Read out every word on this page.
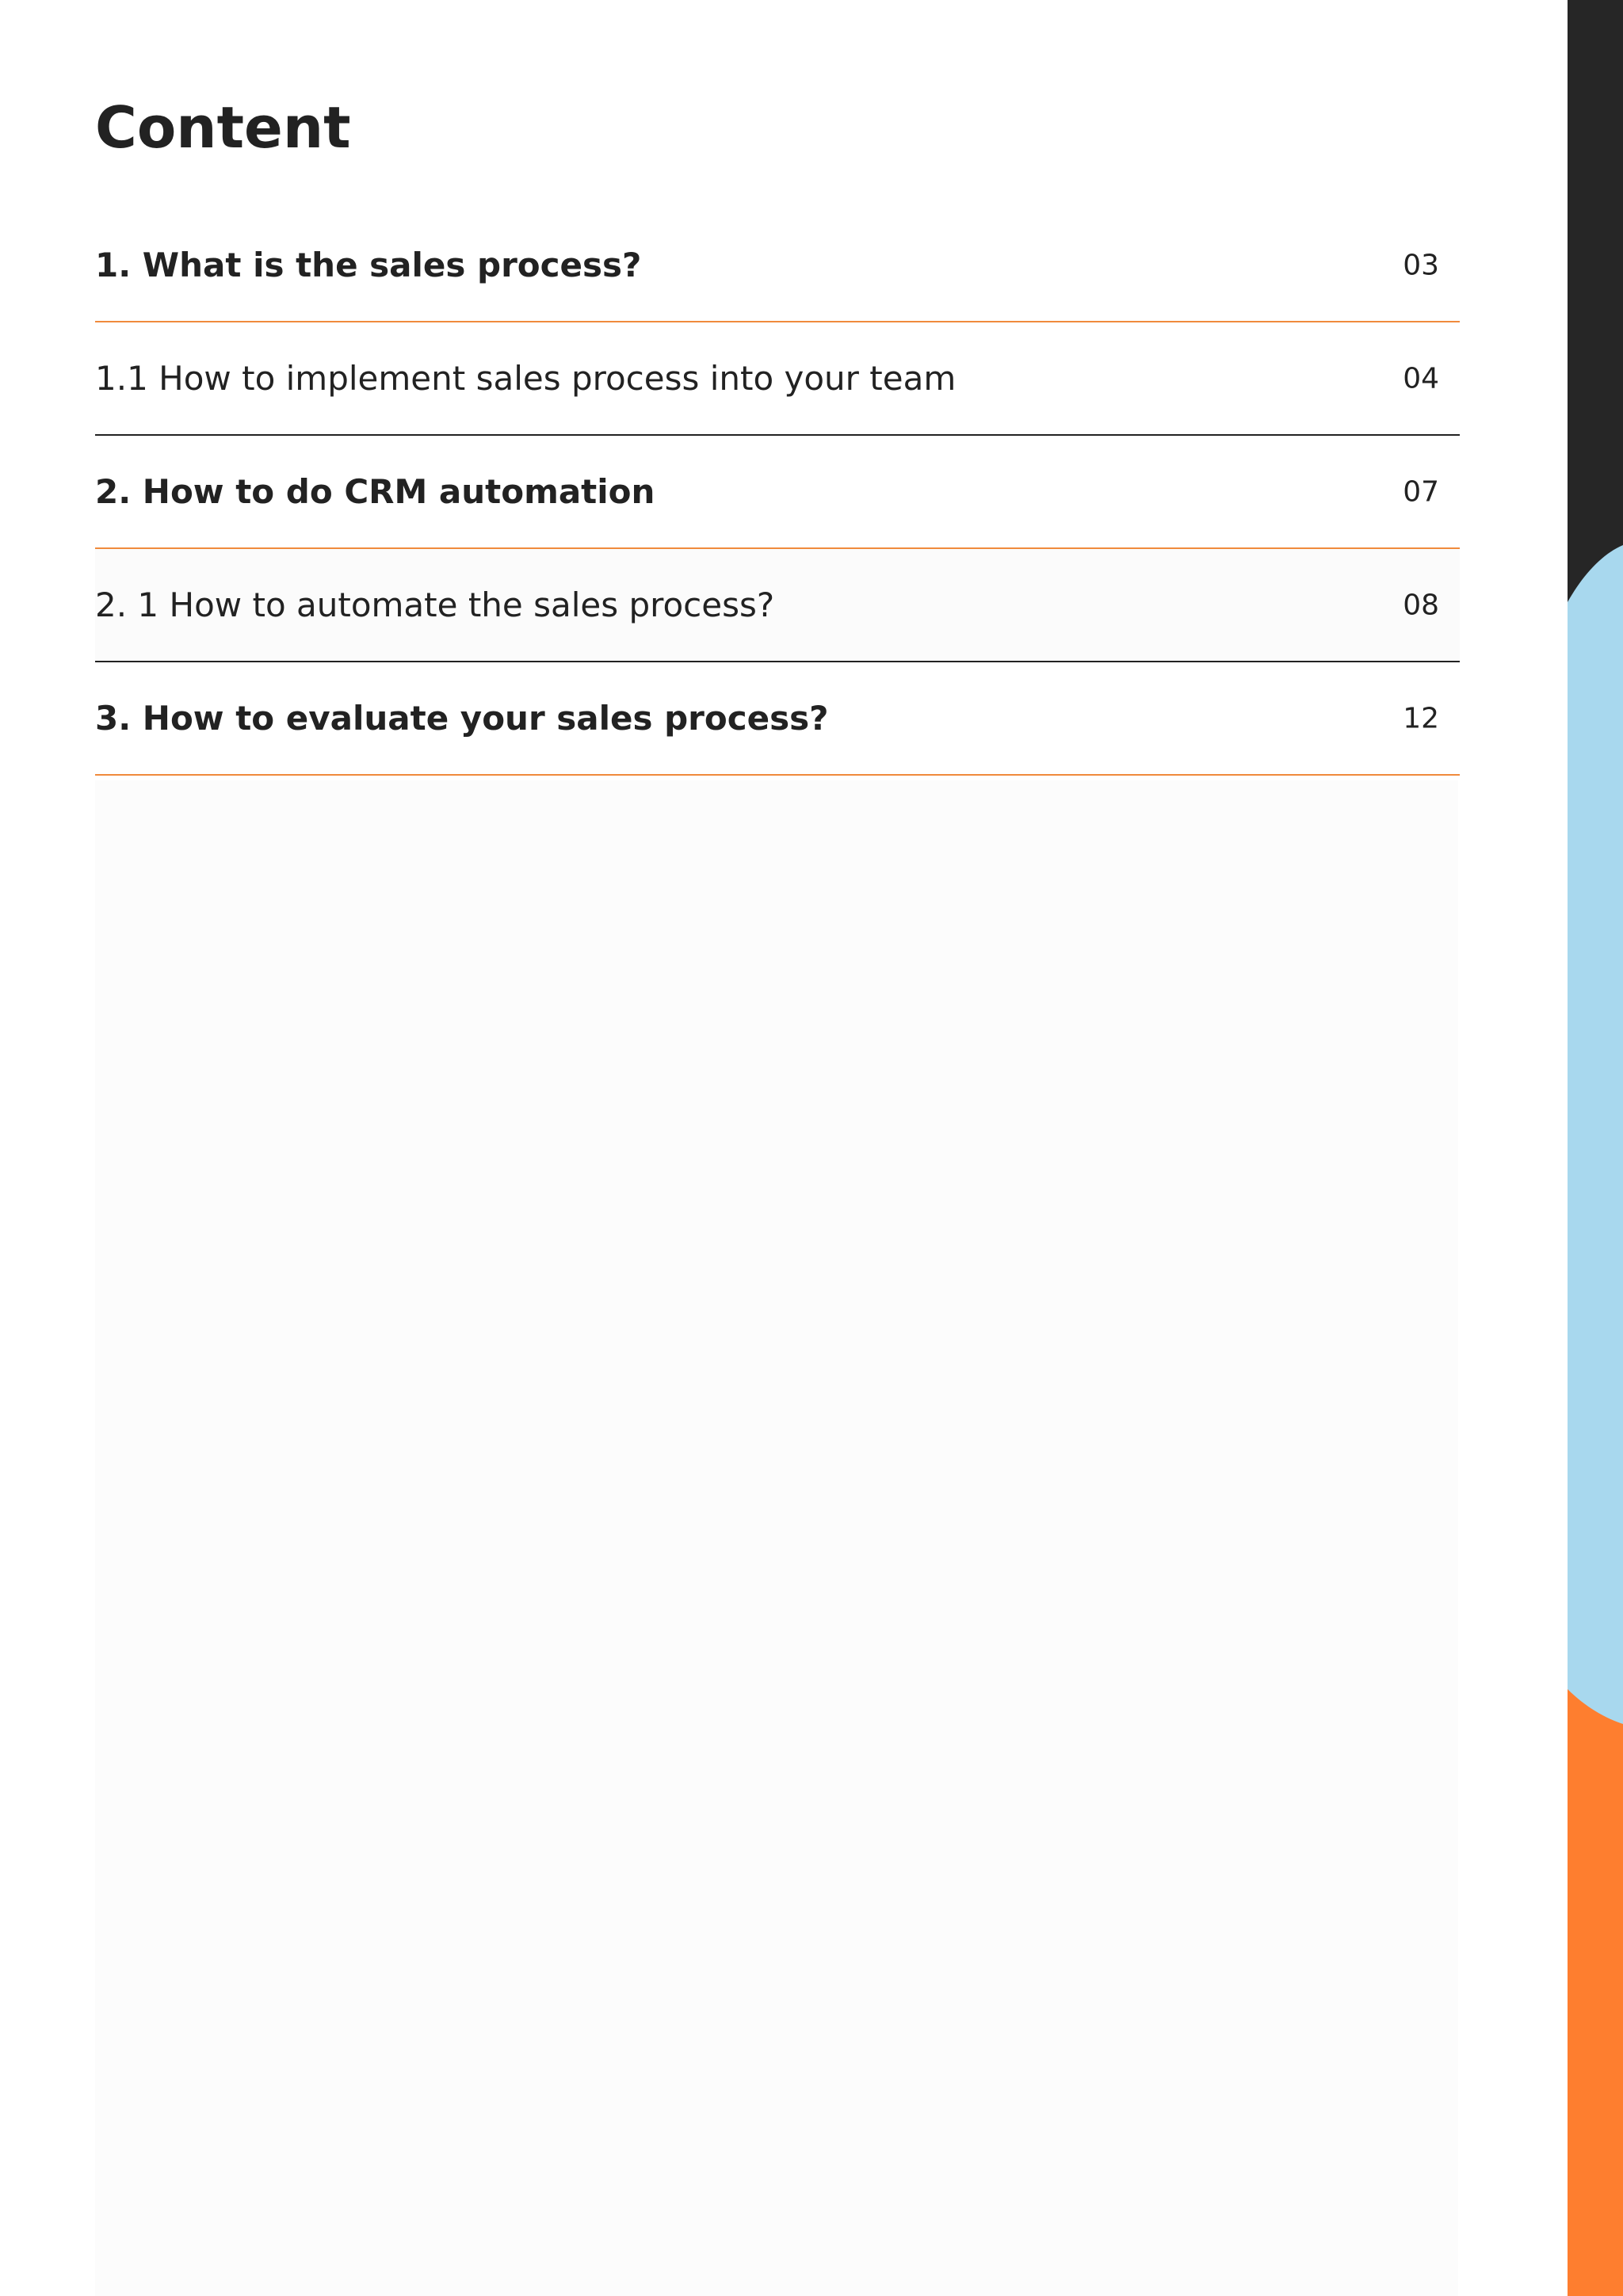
Content
1. What is the sales process?	03
1.1 How to implement sales process into your team	04
2. How to do CRM automation	07
2. 1 How to automate the sales process?	08
3. How to evaluate your sales process?	12
